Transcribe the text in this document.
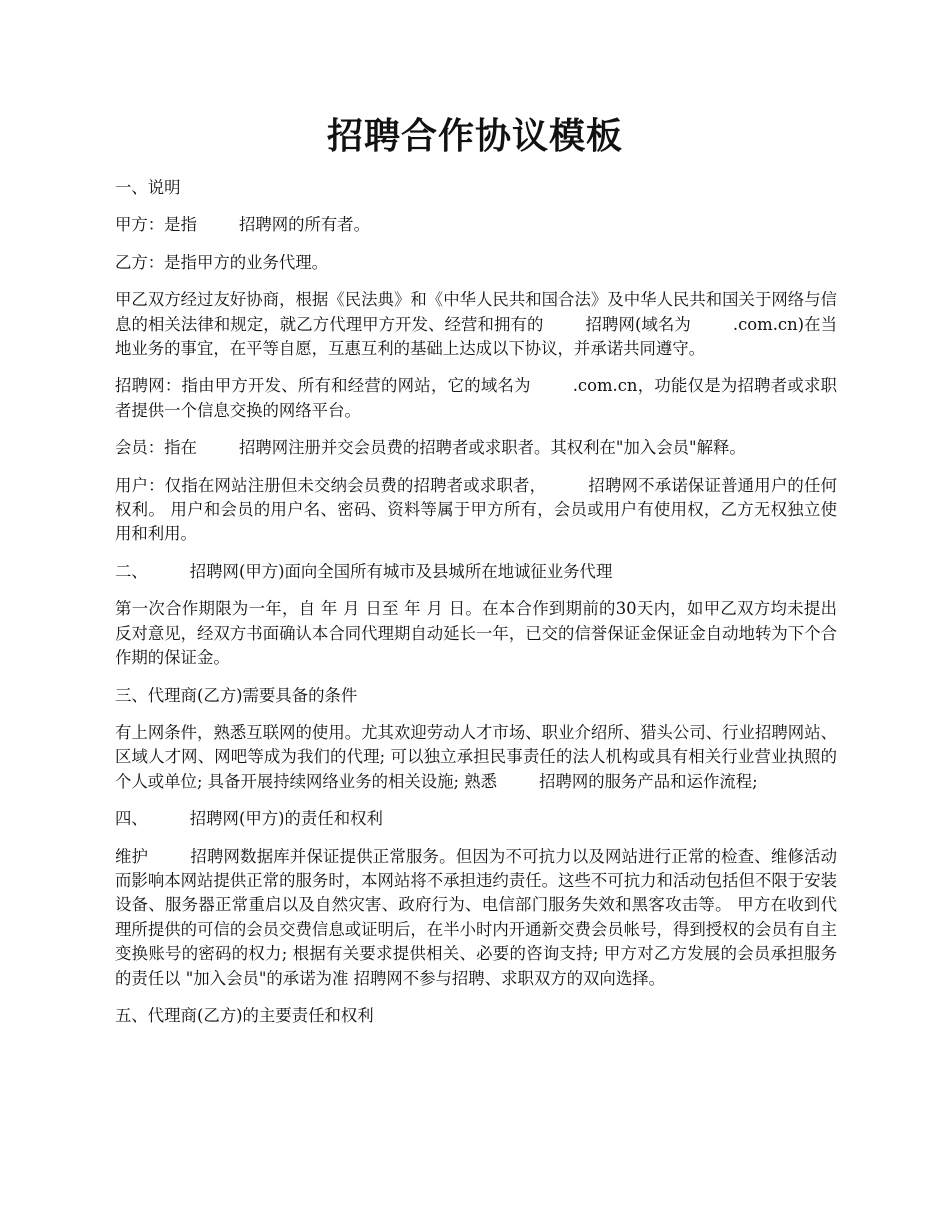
招聘合作协议模板

一、说明

甲方：是指	招聘网的所有者。

乙方：是指甲方的业务代理。

甲乙双方经过友好协商，根据《民法典》和《中华人民共和国合法》及中华人民共和国关于网络与信息的相关法律和规定，就乙方代理甲方开发、经营和拥有的	招聘网(域名为	.com.cn)在当地业务的事宜，在平等自愿，互惠互利的基础上达成以下协议，并承诺共同遵守。

招聘网：指由甲方开发、所有和经营的网站，它的域名为	.com.cn，功能仅是为招聘者或求职者提供一个信息交换的网络平台。

会员：指在	招聘网注册并交会员费的招聘者或求职者。其权利在"加入会员"解释。

用户：仅指在网站注册但未交纳会员费的招聘者或求职者，	招聘网不承诺保证普通用户的任何权利。 用户和会员的用户名、密码、资料等属于甲方所有，会员或用户有使用权，乙方无权独立使用和利用。

二、	招聘网(甲方)面向全国所有城市及县城所在地诚征业务代理

第一次合作期限为一年，自 年 月 日至 年 月 日。在本合作到期前的30天内，如甲乙双方均未提出反对意见，经双方书面确认本合同代理期自动延长一年，已交的信誉保证金保证金自动地转为下个合作期的保证金。

三、代理商(乙方)需要具备的条件

有上网条件，熟悉互联网的使用。尤其欢迎劳动人才市场、职业介绍所、猎头公司、行业招聘网站、区域人才网、网吧等成为我们的代理; 可以独立承担民事责任的法人机构或具有相关行业营业执照的个人或单位; 具备开展持续网络业务的相关设施; 熟悉	招聘网的服务产品和运作流程;

四、	招聘网(甲方)的责任和权利

维护	招聘网数据库并保证提供正常服务。但因为不可抗力以及网站进行正常的检查、维修活动而影响本网站提供正常的服务时，本网站将不承担违约责任。这些不可抗力和活动包括但不限于安装设备、服务器正常重启以及自然灾害、政府行为、电信部门服务失效和黑客攻击等。 甲方在收到代理所提供的可信的会员交费信息或证明后，在半小时内开通新交费会员帐号，得到授权的会员有自主变换账号的密码的权力; 根据有关要求提供相关、必要的咨询支持; 甲方对乙方发展的会员承担服务的责任以 "加入会员"的承诺为准 招聘网不参与招聘、求职双方的双向选择。

五、代理商(乙方)的主要责任和权利
